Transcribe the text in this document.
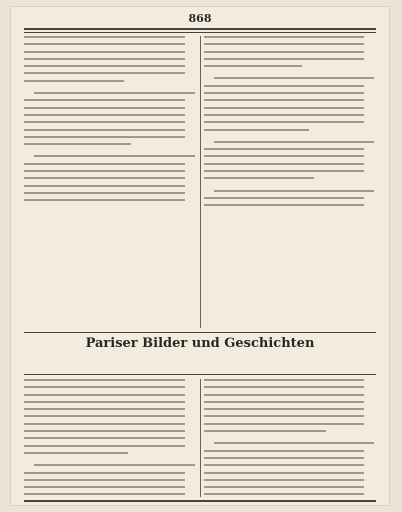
868
Pariser Bilder und Geschichten
